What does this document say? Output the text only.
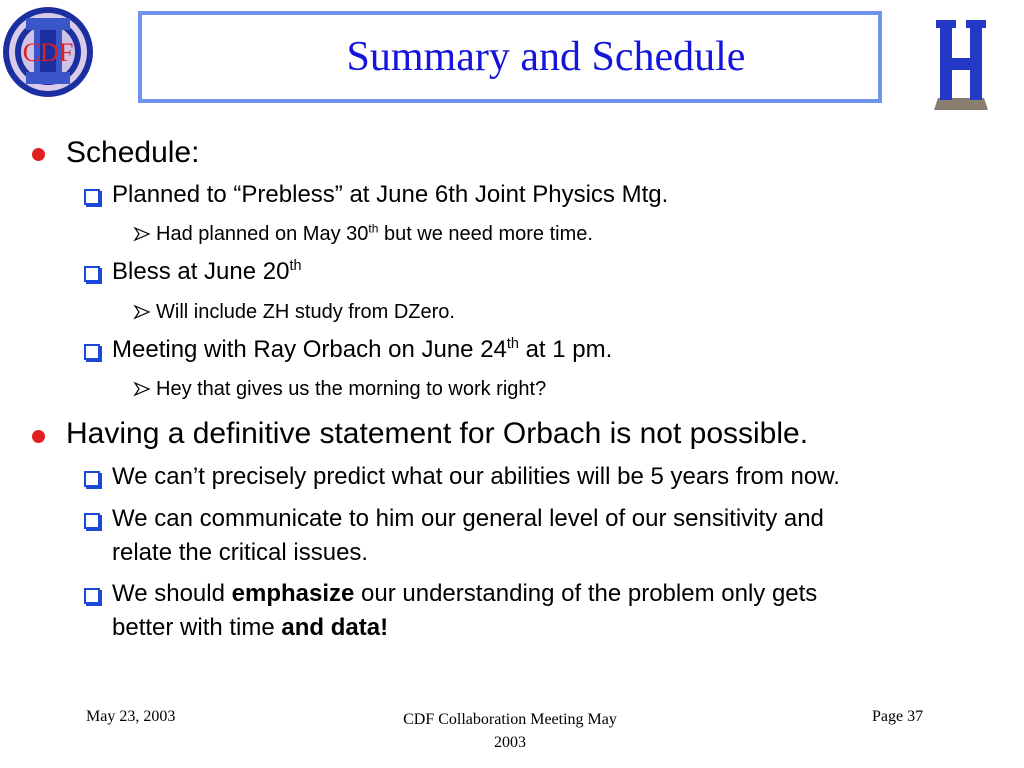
CDF	Summary and Schedule
H
Schedule:
Planned to “Prebless” at June 6th Joint Physics Mtg.
Had planned on May 30th but we need more time.
Bless at June 20th
Will include ZH study from DZero.
Meeting with Ray Orbach on June 24th at 1 pm.
Hey that gives us the morning to work right?
Having a definitive statement for Orbach is not possible.
We can’t precisely predict what our abilities will be 5 years from now.
We can communicate to him our general level of our sensitivity and
relate the critical issues.
We should emphasize our understanding of the problem only gets
better with time and data!
May 23, 2003	CDF Collaboration Meeting May
2003
Page 37
